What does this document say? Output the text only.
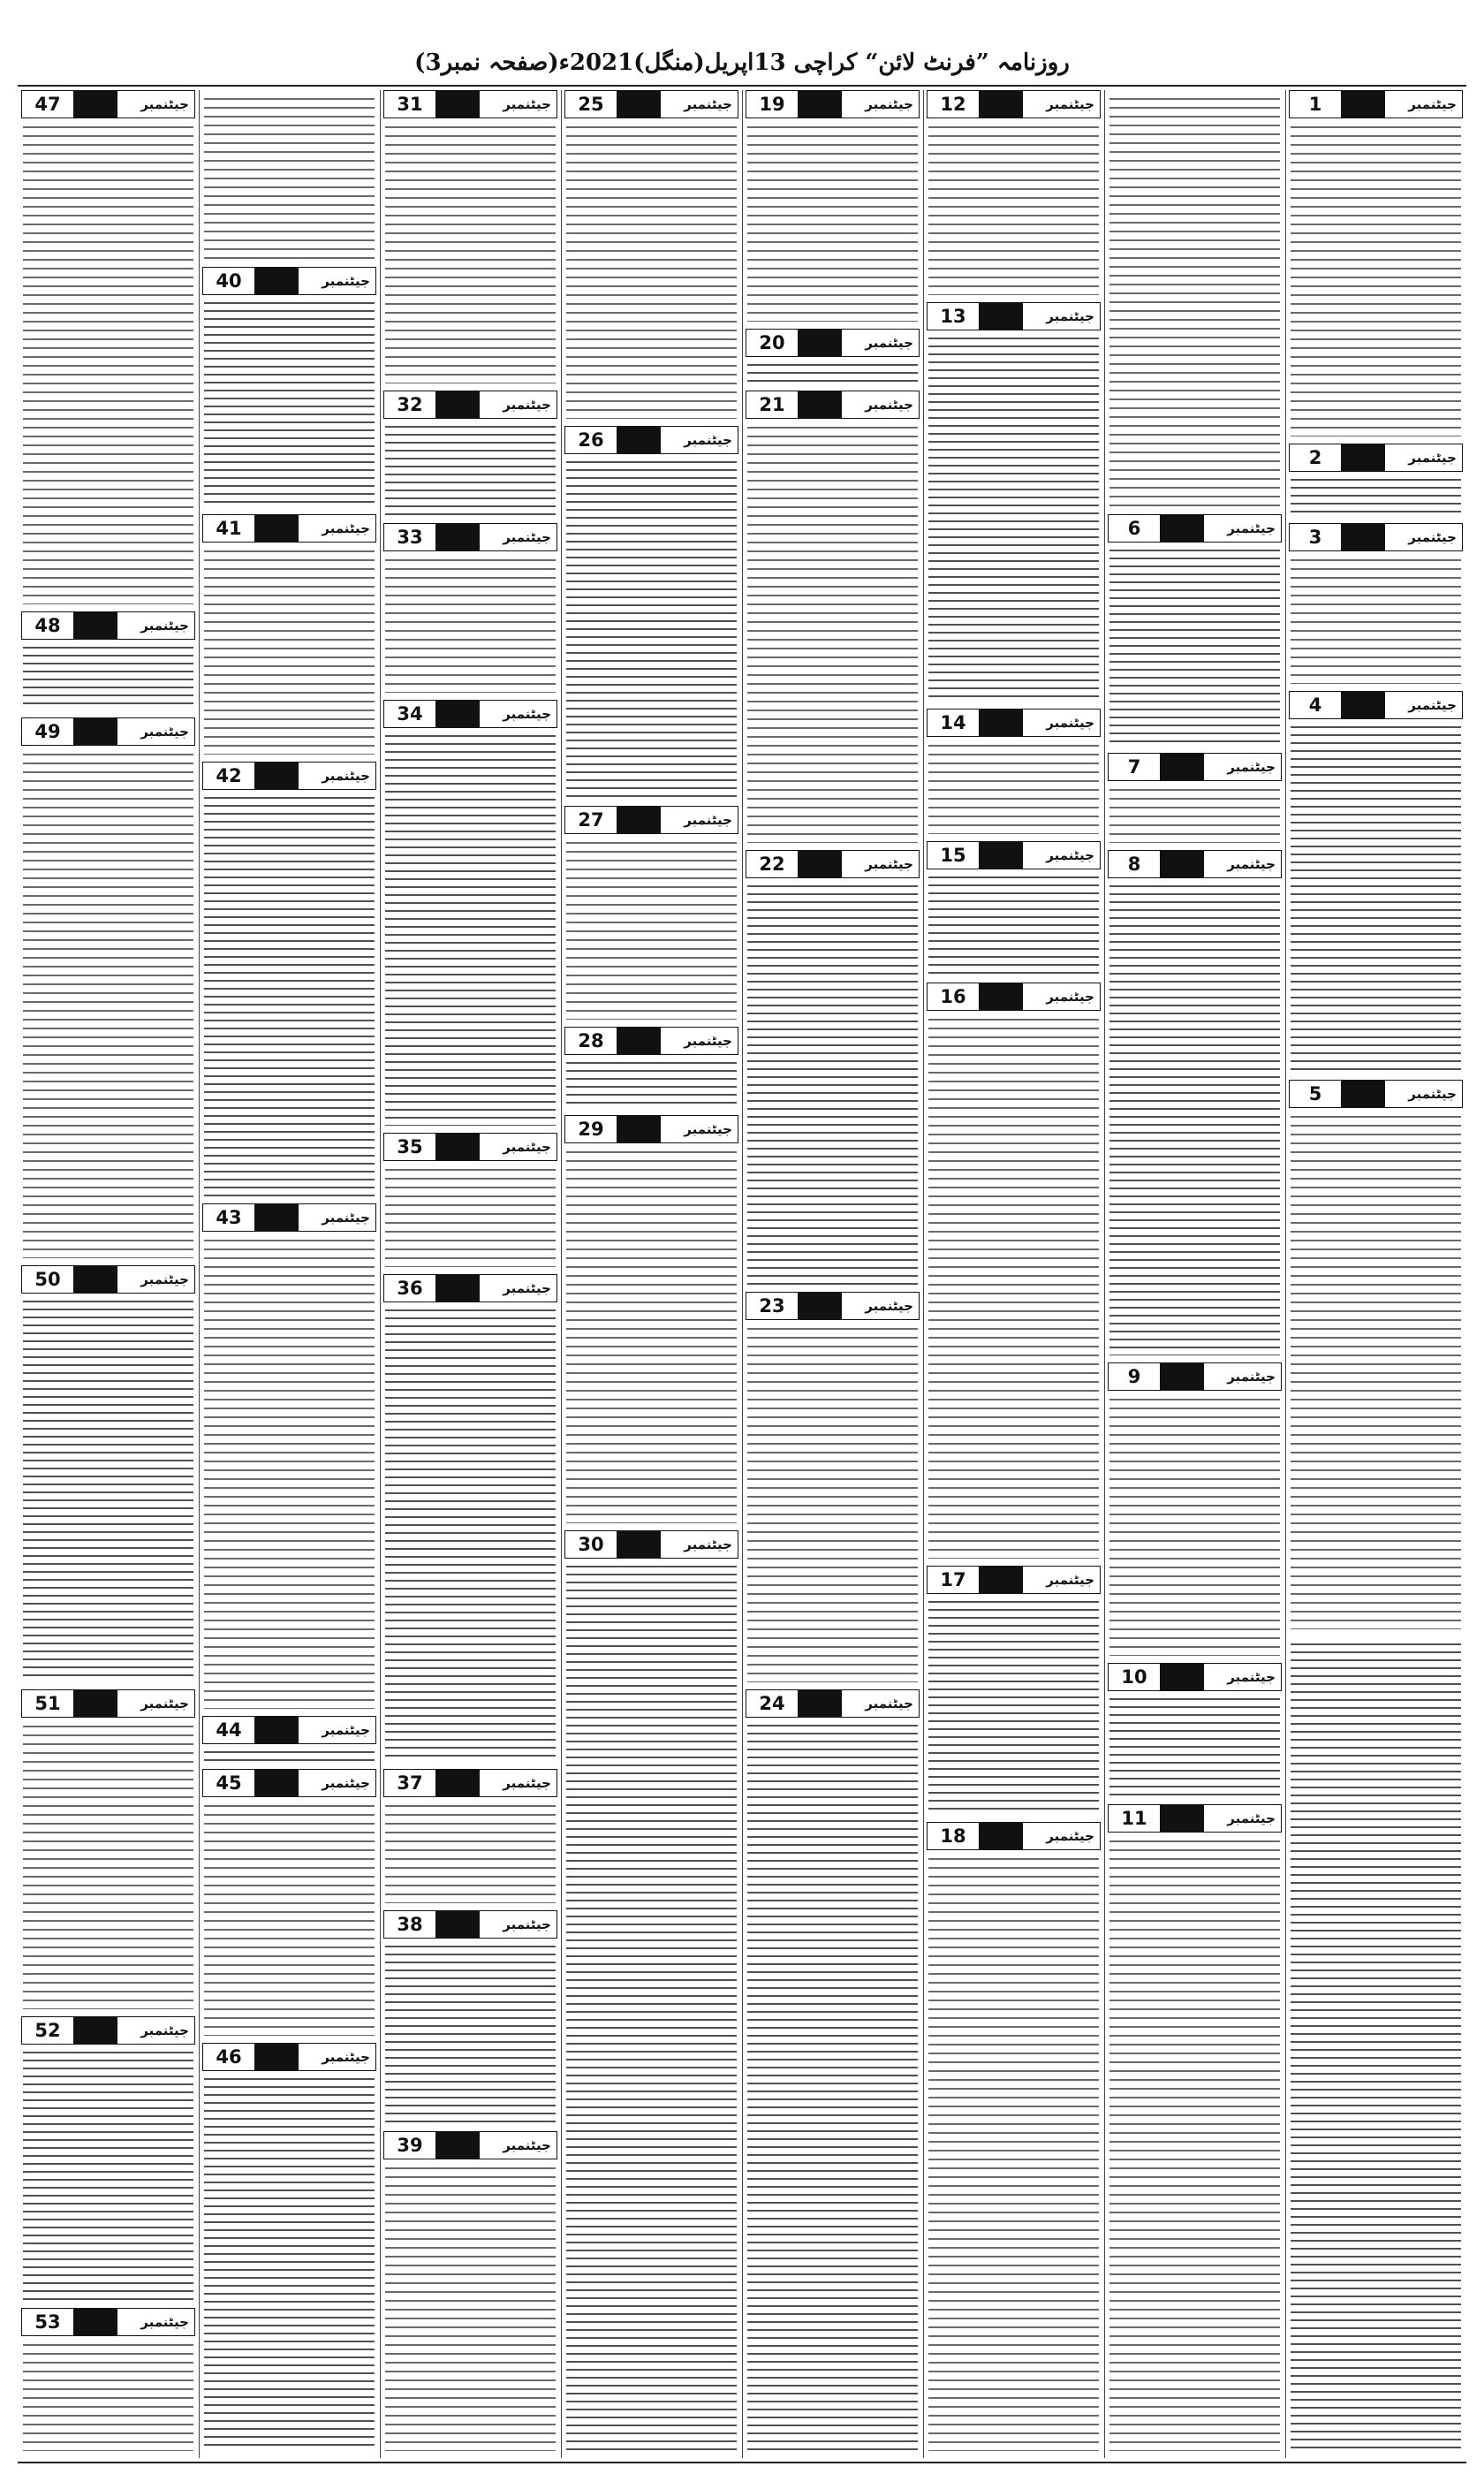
روزنامہ ”فرنٹ لائن“ کراچی 13اپریل(منگل)2021ء(صفحہ نمبر3)
1	جیٹنمبر
2	جیٹنمبر
3	جیٹنمبر
4	جیٹنمبر
5	جیٹنمبر
6	جیٹنمبر
7	جیٹنمبر
8	جیٹنمبر
9	جیٹنمبر
10	جیٹنمبر
11	جیٹنمبر
12	جیٹنمبر
13	جیٹنمبر
14	جیٹنمبر
15	جیٹنمبر
16	جیٹنمبر
17	جیٹنمبر
18	جیٹنمبر
19	جیٹنمبر
20	جیٹنمبر
21	جیٹنمبر
22	جیٹنمبر
23	جیٹنمبر
24	جیٹنمبر
25	جیٹنمبر
26	جیٹنمبر
27	جیٹنمبر
28	جیٹنمبر
29	جیٹنمبر
30	جیٹنمبر
31	جیٹنمبر
32	جیٹنمبر
33	جیٹنمبر
34	جیٹنمبر
35	جیٹنمبر
36	جیٹنمبر
37	جیٹنمبر
38	جیٹنمبر
39	جیٹنمبر
40	جیٹنمبر
41	جیٹنمبر
42	جیٹنمبر
43	جیٹنمبر
44	جیٹنمبر
45	جیٹنمبر
46	جیٹنمبر
47	جیٹنمبر
48	جیٹنمبر
49	جیٹنمبر
50	جیٹنمبر
51	جیٹنمبر
52	جیٹنمبر
53	جیٹنمبر
